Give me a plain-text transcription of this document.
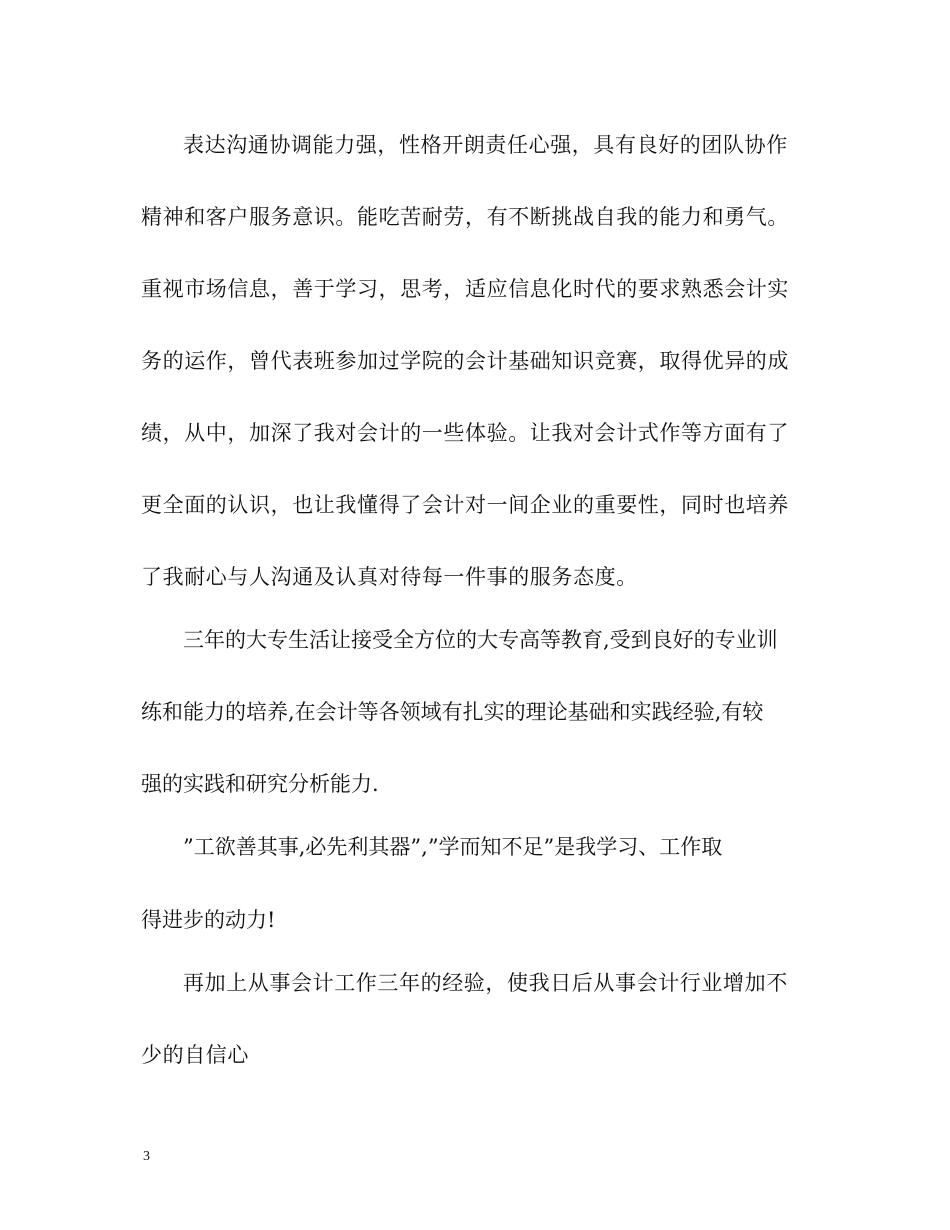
表达沟通协调能力强，性格开朗责任心强，具有良好的团队协作
精神和客户服务意识。能吃苦耐劳，有不断挑战自我的能力和勇气。
重视市场信息，善于学习，思考，适应信息化时代的要求熟悉会计实
务的运作，曾代表班参加过学院的会计基础知识竞赛，取得优异的成
绩，从中，加深了我对会计的一些体验。让我对会计式作等方面有了
更全面的认识，也让我懂得了会计对一间企业的重要性，同时也培养
了我耐心与人沟通及认真对待每一件事的服务态度。
三年的大专生活让接受全方位的大专高等教育,受到良好的专业训
练和能力的培养,在会计等各领域有扎实的理论基础和实践经验,有较
强的实践和研究分析能力.
”工欲善其事,必先利其器”,”学而知不足”是我学习、工作取
得进步的动力!
再加上从事会计工作三年的经验，使我日后从事会计行业增加不
少的自信心
3
